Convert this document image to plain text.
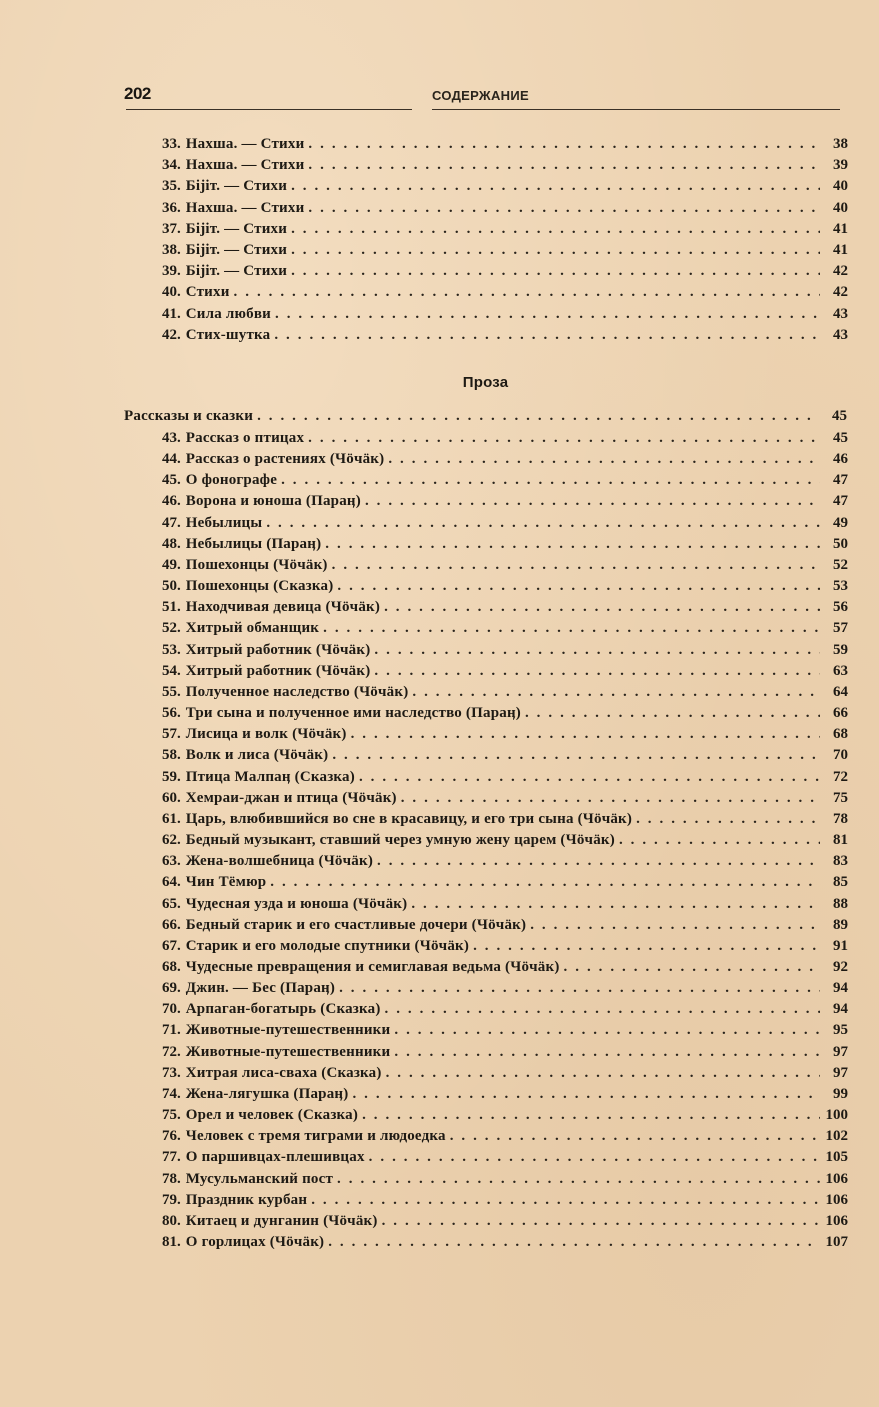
202	СОДЕРЖАНИЕ
33. Нахша. — Стихи . . .	38
34. Нахша. — Стихи . . .	39
35. Бijiт. — Стихи . . .	40
36. Нахша. — Стихи . . .	40
37. Бijiт. — Стихи . . .	41
38. Бijiт. — Стихи . . .	41
39. Бijiт. — Стихи . . .	42
40. Стихи . . .	42
41. Сила любви . . .	43
42. Стих-шутка . . .	43
Проза
Рассказы и сказки . . .	45
43. Рассказ о птицах . . .	45
44. Рассказ о растениях (Чӧчӓк) . . .	46
45. О фонографе . . .	47
46. Ворона и юноша (Парaӊ) . . .	47
47. Небылицы . . .	49
48. Небылицы (Парaӊ) . . .	50
49. Пошехонцы (Чӧчӓк) . . .	52
50. Пошехонцы (Сказка) . . .	53
51. Находчивая девица (Чӧчӓк) . . .	56
52. Хитрый обманщик . . .	57
53. Хитрый работник (Чӧчӓк) . . .	59
54. Хитрый работник (Чӧчӓк) . . .	63
55. Полученное наследство (Чӧчӓк) . . .	64
56. Три сына и полученное ими наследство (Парaӊ) . . .	66
57. Лисица и волк (Чӧчӓк) . . .	68
58. Волк и лиса (Чӧчӓк) . . .	70
59. Птица Малпaӊ (Сказка) . . .	72
60. Хемраи-джан и птица (Чӧчӓк) . . .	75
61. Царь, влюбившийся во сне в красавицу, и его три сына (Чӧчӓк) . . .	78
62. Бедный музыкант, ставший через умную жену царем (Чӧчӓк) . . .	81
63. Жена-волшебница (Чӧчӓк) . . .	83
64. Чин Тёмюр . . .	85
65. Чудесная узда и юноша (Чӧчӓк) . . .	88
66. Бедный старик и его счастливые дочери (Чӧчӓк) . . .	89
67. Старик и его молодые спутники (Чӧчӓк) . . .	91
68. Чудесные превращения и семиглавая ведьма (Чӧчӓк) . . .	92
69. Джин. — Бес (Парaӊ) . . .	94
70. Арпаган-богатырь (Сказка) . . .	94
71. Животные-путешественники . . .	95
72. Животные-путешественники . . .	97
73. Хитрая лиса-сваха (Сказка) . . .	97
74. Жена-лягушка (Парaӊ) . . .	99
75. Орел и человек (Сказка) . . .	100
76. Человек с тремя тиграми и людоедка . . .	102
77. О паршивцах-плешивцах . . .	105
78. Мусульманский пост . . .	106
79. Праздник курбан . . .	106
80. Китаец и дунганин (Чӧчӓк) . . .	106
81. О горлицах (Чӧчӓк) . . .	107
